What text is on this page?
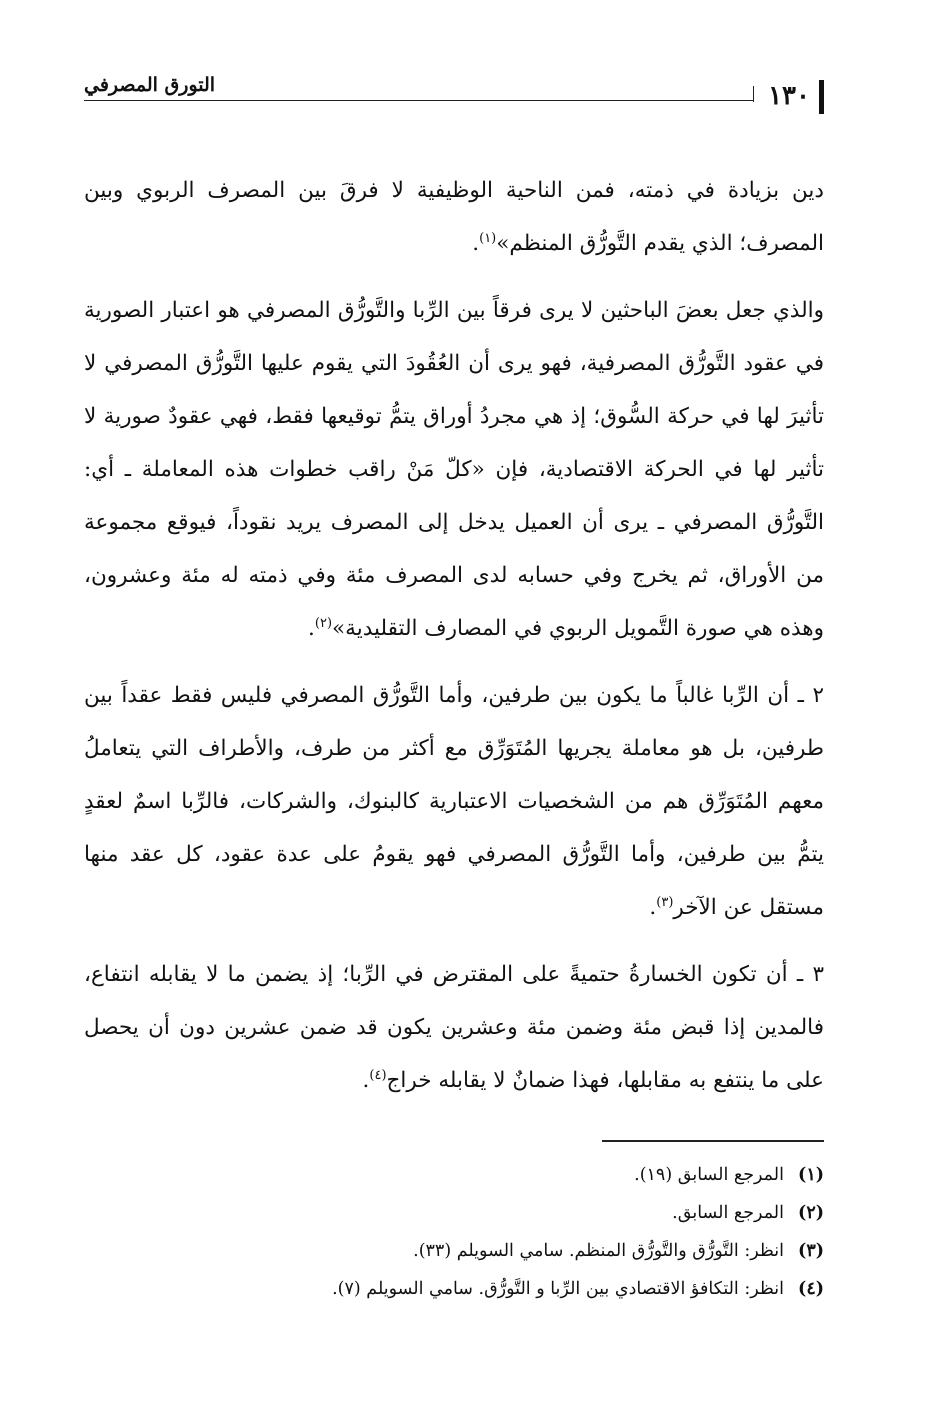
١٣٠
التورق المصرفي

دين بزيادة في ذمته، فمن الناحية الوظيفية لا فرقَ بين المصرف الربوي وبين المصرف؛ الذي يقدم التَّورُّق المنظم»$^{(١)}$.

والذي جعل بعضَ الباحثين لا يرى فرقاً بين الرِّبا والتَّورُّق المصرفي هو اعتبار الصورية في عقود التَّورُّق المصرفية، فهو يرى أن العُقُودَ التي يقوم عليها التَّورُّق المصرفي لا تأثيرَ لها في حركة السُّوق؛ إذ هي مجردُ أوراق يتمُّ توقيعها فقط، فهي عقودٌ صورية لا تأثير لها في الحركة الاقتصادية، فإن «كلّ مَنْ راقب خطوات هذه المعاملة ـ أي: التَّورُّق المصرفي ـ يرى أن العميل يدخل إلى المصرف يريد نقوداً، فيوقع مجموعة من الأوراق، ثم يخرج وفي حسابه لدى المصرف مئة وفي ذمته له مئة وعشرون، وهذه هي صورة التَّمويل الربوي في المصارف التقليدية»$^{(٢)}$.

٢ ـ أن الرِّبا غالباً ما يكون بين طرفين، وأما التَّورُّق المصرفي فليس فقط عقداً بين طرفين، بل هو معاملة يجريها المُتَوَرِّق مع أكثر من طرف، والأطراف التي يتعاملُ معهم المُتَوَرِّق هم من الشخصيات الاعتبارية كالبنوك، والشركات، فالرِّبا اسمٌ لعقدٍ يتمُّ بين طرفين، وأما التَّورُّق المصرفي فهو يقومُ على عدة عقود، كل عقد منها مستقل عن الآخر$^{(٣)}$.

٣ ـ أن تكون الخسارةُ حتميةً على المقترض في الرِّبا؛ إذ يضمن ما لا يقابله انتفاع، فالمدين إذا قبض مئة وضمن مئة وعشرين يكون قد ضمن عشرين دون أن يحصل على ما ينتفع به مقابلها، فهذا ضمانٌ لا يقابله خراج$^{(٤)}$.

(١)المرجع السابق (١٩).
(٢)المرجع السابق.
(٣)انظر: التَّورُّق والتَّورُّق المنظم. سامي السويلم (٣٣).
(٤)انظر: التكافؤ الاقتصادي بين الرِّبا و التَّورُّق. سامي السويلم (٧).
